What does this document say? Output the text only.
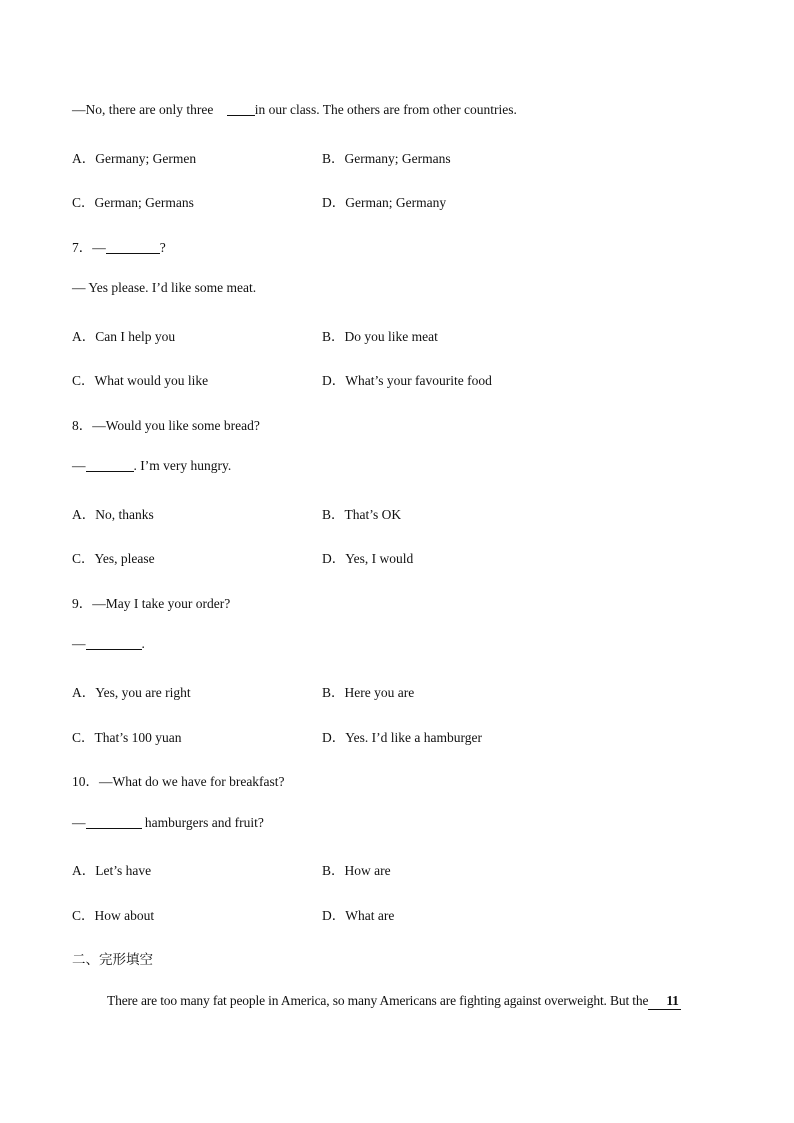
—No, there are only three	in our class. The others are from other countries.
A．Germany; Germen	B．Germany; Germans
C．German; Germans	D．German; Germany
7．—	?
— Yes please. I’d like some meat.
A．Can I help you	B．Do you like meat
C．What would you like	D．What’s your favourite food
8．—Would you like some bread?
—	. I’m very hungry.
A．No, thanks	B．That’s OK
C．Yes, please	D．Yes, I would
9．—May I take your order?
—	.
A．Yes, you are right	B．Here you are
C．That’s 100 yuan	D．Yes. I’d like a hamburger
10．—What do we have for breakfast?
—	hamburgers and fruit?
A．Let’s have	B．How are
C．How about	D．What are
二、完形填空
There are too many fat people in America, so many Americans are fighting against overweight. But the 11
